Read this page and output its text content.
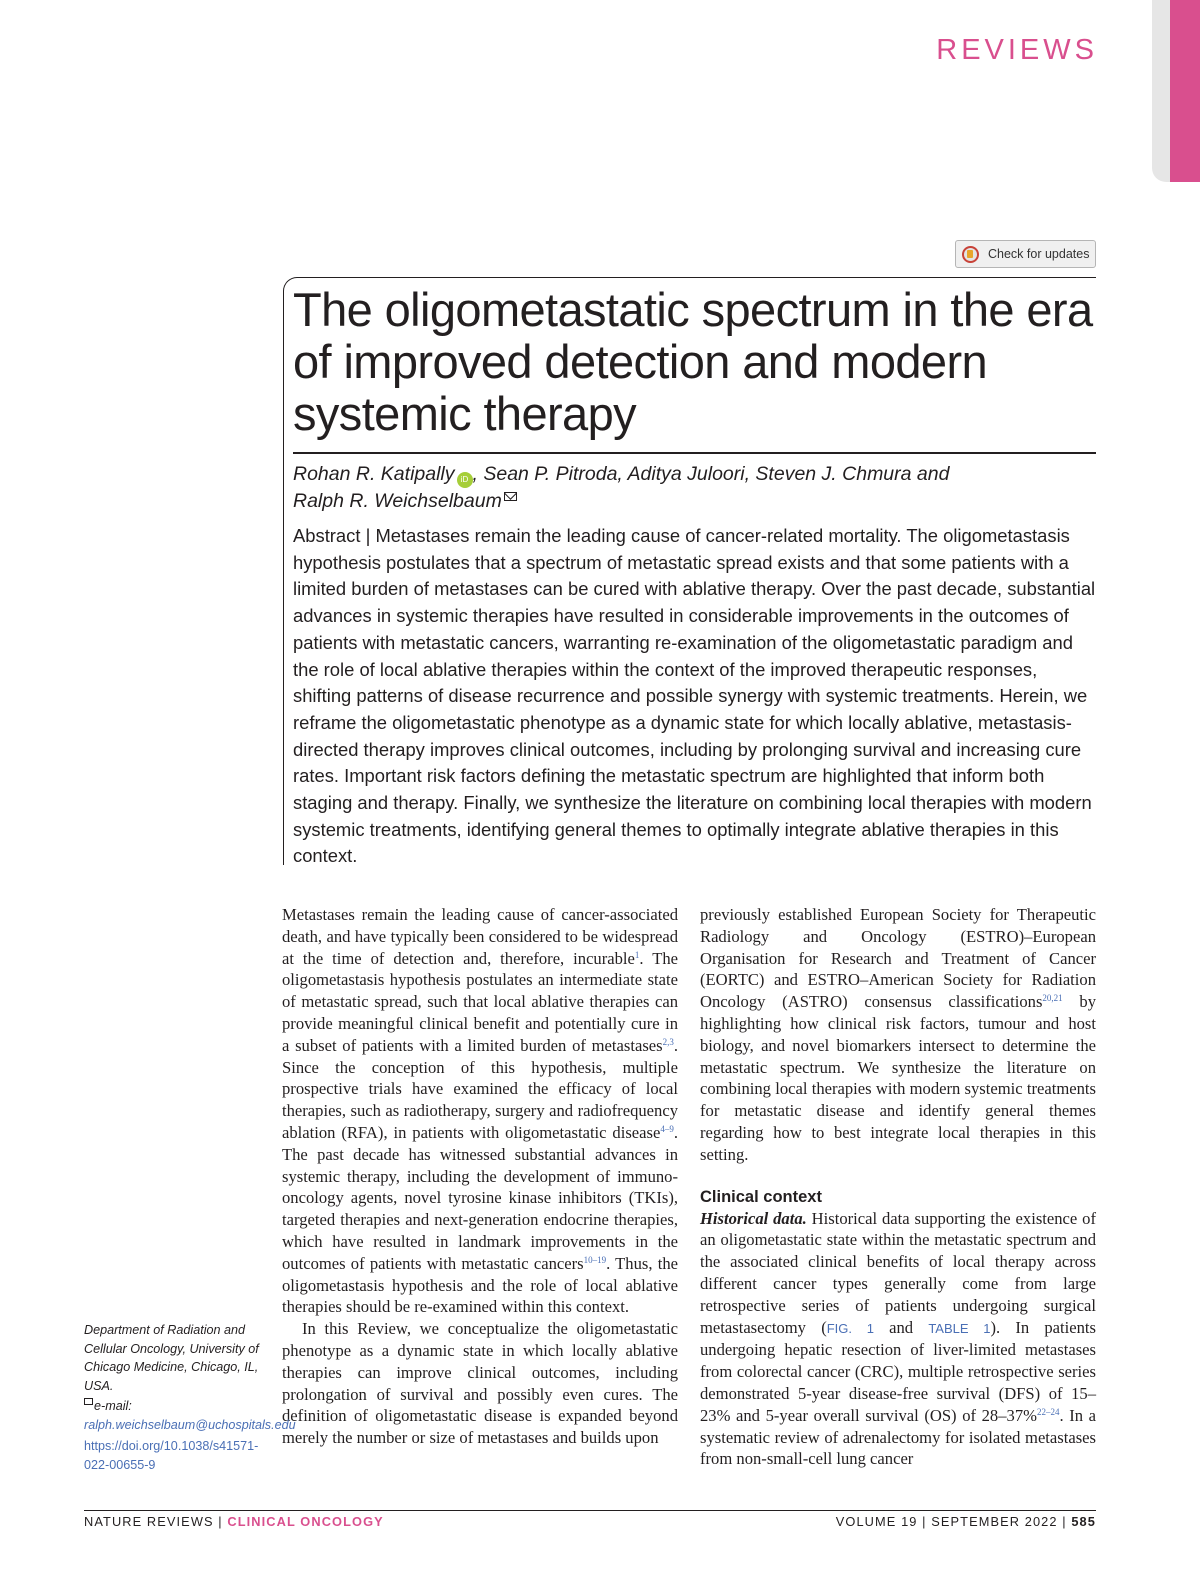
REVIEWS
Check for updates
The oligometastatic spectrum in the era of improved detection and modern systemic therapy
Rohan R. Katipally iD , Sean P. Pitroda, Aditya Juloori, Steven J. Chmura and
Ralph R. Weichselbaum

Abstract | Metastases remain the leading cause of cancer-related mortality. The oligometastasis hypothesis postulates that a spectrum of metastatic spread exists and that some patients with a limited burden of metastases can be cured with ablative therapy. Over the past decade, substantial advances in systemic therapies have resulted in considerable improvements in the outcomes of patients with metastatic cancers, warranting re-examination of the oligometastatic paradigm and the role of local ablative therapies within the context of the improved therapeutic responses, shifting patterns of disease recurrence and possible synergy with systemic treatments. Herein, we reframe the oligometastatic phenotype as a dynamic state for which locally ablative, metastasis-directed therapy improves clinical outcomes, including by prolonging survival and increasing cure rates. Important risk factors defining the metastatic spectrum are highlighted that inform both staging and therapy. Finally, we synthesize the literature on combining local therapies with modern systemic treatments, identifying general themes to optimally integrate ablative therapies in this context.

Metastases remain the leading cause of cancer-associated death, and have typically been considered to be widespread at the time of detection and, therefore, incurable$^1$. The oligometastasis hypothesis postulates an intermediate state of metastatic spread, such that local ablative therapies can provide meaningful clinical benefit and potentially cure in a subset of patients with a limited burden of metastases$^{2,3}$. Since the conception of this hypothesis, multiple prospective trials have examined the efficacy of local therapies, such as radiotherapy, surgery and radiofrequency ablation (RFA), in patients with oligometastatic disease$^{4-9}$. The past decade has witnessed substantial advances in systemic therapy, including the development of immuno-oncology agents, novel tyrosine kinase inhibitors (TKIs), targeted therapies and next-generation endocrine therapies, which have resulted in landmark improvements in the outcomes of patients with metastatic cancers$^{10-19}$. Thus, the oligometastasis hypothesis and the role of local ablative therapies should be re-examined within this context.

In this Review, we conceptualize the oligometastatic phenotype as a dynamic state in which locally ablative therapies can improve clinical outcomes, including prolongation of survival and possibly even cures. The definition of oligometastatic disease is expanded beyond merely the number or size of metastases and builds upon

previously established European Society for Therapeutic Radiology and Oncology (ESTRO)–European Organisation for Research and Treatment of Cancer (EORTC) and ESTRO–American Society for Radiation Oncology (ASTRO) consensus classifications$^{20,21}$ by highlighting how clinical risk factors, tumour and host biology, and novel biomarkers intersect to determine the metastatic spectrum. We synthesize the literature on combining local therapies with modern systemic treatments for metastatic disease and identify general themes regarding how to best integrate local therapies in this setting.

Clinical context

Historical data. Historical data supporting the existence of an oligometastatic state within the metastatic spectrum and the associated clinical benefits of local therapy across different cancer types generally come from large retrospective series of patients undergoing surgical metastasectomy (FIG. 1 and TABLE 1). In patients undergoing hepatic resection of liver-limited metastases from colorectal cancer (CRC), multiple retrospective series demonstrated 5-year disease-free survival (DFS) of 15–23% and 5-year overall survival (OS) of 28–37%$^{22-24}$. In a systematic review of adrenalectomy for isolated metastases from non-small-cell lung cancer

Department of Radiation and Cellular Oncology, University of Chicago Medicine, Chicago, IL, USA.
e-mail: ralph.weichselbaum@uchospitals.edu
https://doi.org/10.1038/s41571-022-00655-9
NATURE REVIEWS | CLINICAL ONCOLOGY	VOLUME 19 | SEPTEMBER 2022 | 585
